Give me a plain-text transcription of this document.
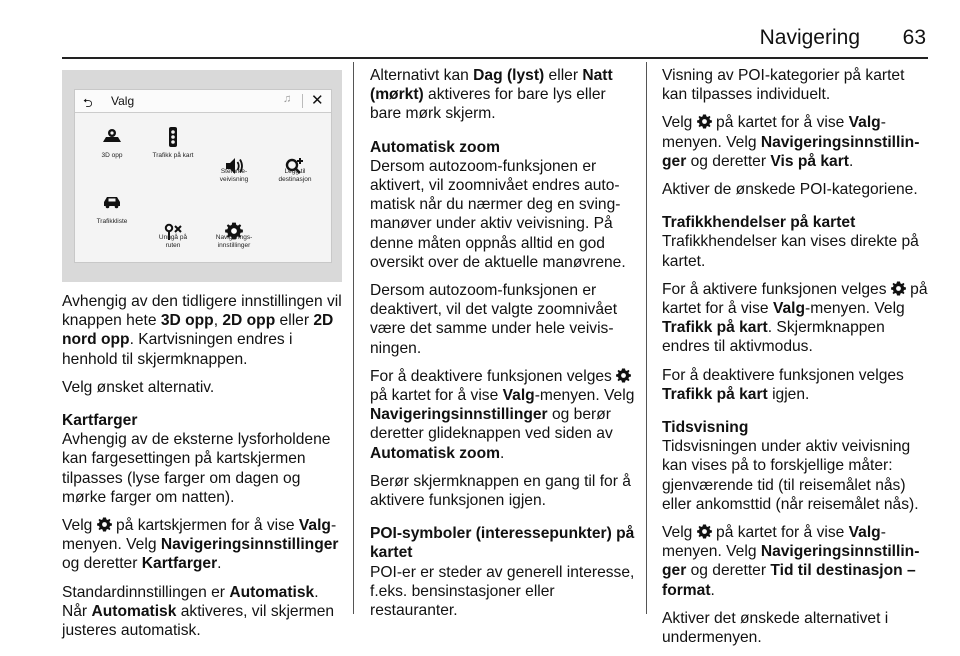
Navigering 63
⮌ Valg	♫ ✕
3D opp	Trafikk på kart

Stemme-
veivisning

Legg til
destinasjon

Trafikkliste

Unngå på
ruten

Navigerings-
innstillinger

Avhengig av den tidligere innstillingen vil knappen hete 3D opp, 2D opp eller 2D nord opp. Kartvisningen endres i henhold til skjermknappen.

Velg ønsket alternativ.

Kartfarger
Avhengig av de eksterne lysforholdene kan fargesettingen på kartskjermen tilpasses (lyse farger om dagen og mørke farger om natten).

Velg  på kartskjermen for å vise Valg-menyen. Velg Navigeringsinnstillinger og deretter Kartfarger.

Standardinnstillingen er Automatisk. Når Automatisk aktiveres, vil skjermen justeres automatisk.

Alternativt kan Dag (lyst) eller Natt (mørkt) aktiveres for bare lys eller bare mørk skjerm.

Automatisk zoom
Dersom autozoom-funksjonen er aktivert, vil zoomnivået endres automatisk når du nærmer deg en svingmanøver under aktiv veivisning. På denne måten oppnås alltid en god oversikt over de aktuelle manøvrene.

Dersom autozoom-funksjonen er deaktivert, vil det valgte zoomnivået være det samme under hele veivisningen.

For å deaktivere funksjonen velges  på kartet for å vise Valg-menyen. Velg Navigeringsinnstillinger og berør deretter glideknappen ved siden av Automatisk zoom.

Berør skjermknappen en gang til for å aktivere funksjonen igjen.

POI-symboler (interessepunkter) på kartet
POI-er er steder av generell interesse, f.eks. bensinstasjoner eller restauranter.

Visning av POI-kategorier på kartet kan tilpasses individuelt.

Velg  på kartet for å vise Valg-menyen. Velg Navigeringsinnstillinger og deretter Vis på kart.

Aktiver de ønskede POI-kategoriene.

Trafikkhendelser på kartet
Trafikkhendelser kan vises direkte på kartet.

For å aktivere funksjonen velges  på kartet for å vise Valg-menyen. Velg Trafikk på kart. Skjermknappen endres til aktivmodus.

For å deaktivere funksjonen velges Trafikk på kart igjen.

Tidsvisning
Tidsvisningen under aktiv veivisning kan vises på to forskjellige måter: gjenværende tid (til reisemålet nås) eller ankomsttid (når reisemålet nås).

Velg  på kartet for å vise Valg-menyen. Velg Navigeringsinnstillinger og deretter Tid til destinasjon – format.

Aktiver det ønskede alternativet i undermenyen.
